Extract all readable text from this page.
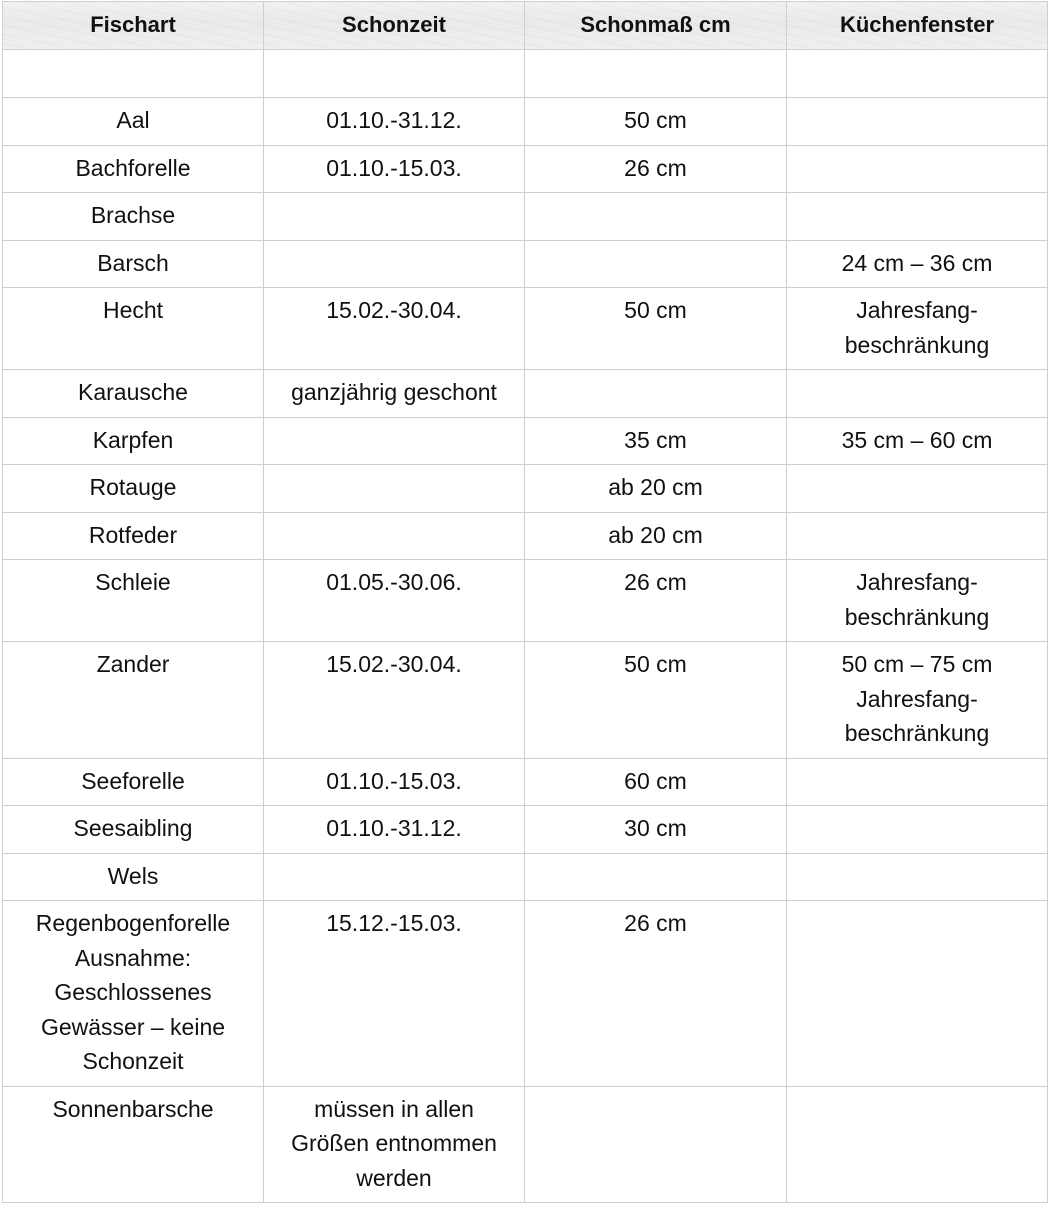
Fischart	Schonzeit	Schonmaß cm	Küchenfenster

Aal	01.10.-31.12.	50 cm	
Bachforelle	01.10.-15.03.	26 cm	
Brachse			
Barsch			24 cm – 36 cm
Hecht	15.02.-30.04.	50 cm	Jahresfang-
beschränkung
Karausche	ganzjährig geschont		
Karpfen		35 cm	35 cm – 60 cm
Rotauge		ab 20 cm	
Rotfeder		ab 20 cm	
Schleie	01.05.-30.06.	26 cm	Jahresfang-
beschränkung
Zander	15.02.-30.04.	50 cm	50 cm – 75 cm
Jahresfang-
beschränkung
Seeforelle	01.10.-15.03.	60 cm	
Seesaibling	01.10.-31.12.	30 cm	
Wels			
Regenbogenforelle
Ausnahme:
Geschlossenes
Gewässer – keine
Schonzeit	15.12.-15.03.	26 cm	
Sonnenbarsche	müssen in allen
Größen entnommen
werden		
